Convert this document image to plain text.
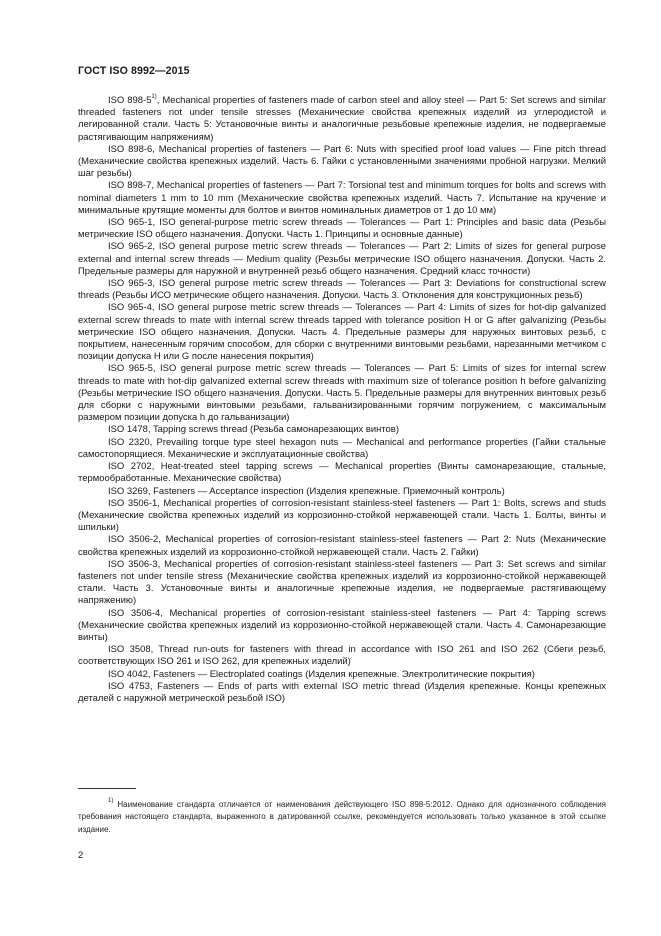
ГОСТ ISO 8992—2015

ISO 898-5$^{1)}$, Mechanical properties of fasteners made of carbon steel and alloy steel — Part 5: Set screws and similar threaded fasteners not under tensile stresses (Механические свойства крепежных изделий из углеродистой и легированной стали. Часть 5: Установочные винты и аналогичные резьбовые крепежные изделия, не подвергаемые растягивающим напряжениям)

ISO 898-6, Mechanical properties of fasteners — Part 6: Nuts with specified proof load values — Fine pitch thread (Механические свойства крепежных изделий. Часть 6. Гайки с установленными значениями пробной нагрузки. Мелкий шаг резьбы)

ISO 898-7, Mechanical properties of fasteners — Part 7: Torsional test and minimum torques for bolts and screws with nominal diameters 1 mm to 10 mm (Механические свойства крепежных изделий. Часть 7. Испытание на кручение и минимальные крутящие моменты для болтов и винтов номинальных диаметров от 1 до 10 мм)

ISO 965-1, ISO general-purpose metric screw threads — Tolerances — Part 1: Principles and basic data (Резьбы метрические ISO общего назначения. Допуски. Часть 1. Принципы и основные данные)

ISO 965-2, ISO general purpose metric screw threads — Tolerances — Part 2: Limits of sizes for general purpose external and internal screw threads — Medium quality (Резьбы метрические ISO общего назначения. Допуски. Часть 2. Предельные размеры для наружной и внутренней резьб общего назначения. Средний класс точности)

ISO 965-3, ISO general purpose metric screw threads — Tolerances — Part 3: Deviations for constructional screw threads (Резьбы ИСО метрические общего назначения. Допуски. Часть 3. Отклонения для конструкционных резьб)

ISO 965-4, ISO general purpose metric screw threads — Tolerances — Part 4: Limits of sizes for hot-dip galvanized external screw threads to mate with internal screw threads tapped with tolerance position H or G after galvanizing (Резьбы метрические ISO общего назначения. Допуски. Часть 4. Предельные размеры для наружных винтовых резьб, с покрытием, нанесенным горячим способом, для сборки с внутренними винтовыми резьбами, нарезанными метчиком с позиции допуска H или G после нанесения покрытия)

ISO 965-5, ISO general purpose metric screw threads — Tolerances — Part 5: Limits of sizes for internal screw threads to mate with hot-dip galvanized external screw threads with maximum size of tolerance position h before galvanizing (Резьбы метрические ISO общего назначения. Допуски. Часть 5. Предельные размеры для внутренних винтовых резьб для сборки с наружными винтовыми резьбами, гальванизированными горячим погружением, с максимальным размером позиции допуска h до гальванизации)

ISO 1478, Tapping screws thread (Резьба самонарезающих винтов)

ISO 2320, Prevailing torque type steel hexagon nuts — Mechanical and performance properties (Гайки стальные самостопорящиеся. Механические и эксплуатационные свойства)

ISO 2702, Heat-treated steel tapping screws — Mechanical properties (Винты самонарезающие, стальные, термообработанные. Механические свойства)

ISO 3269, Fasteners — Acceptance inspection (Изделия крепежные. Приемочный контроль)

ISO 3506-1, Mechanical properties of corrosion-resistant stainless-steel fasteners — Part 1: Bolts, screws and studs (Механические свойства крепежных изделий из коррозионно-стойкой нержавеющей стали. Часть 1. Болты, винты и шпильки)

ISO 3506-2, Mechanical properties of corrosion-resistant stainless-steel fasteners — Part 2: Nuts (Механические свойства крепежных изделий из коррозионно-стойкой нержавеющей стали. Часть 2. Гайки)

ISO 3506-3, Mechanical properties of corrosion-resistant stainless-steel fasteners — Part 3: Set screws and similar fasteners not under tensile stress (Механические свойства крепежных изделий из коррозионно-стойкой нержавеющей стали. Часть 3. Установочные винты и аналогичные крепежные изделия, не подвергаемые растягивающему напряжению)

ISO 3506-4, Mechanical properties of corrosion-resistant stainless-steel fasteners — Part 4: Tapping screws (Механические свойства крепежных изделий из коррозионно-стойкой нержавеющей стали. Часть 4. Самонарезающие винты)

ISO 3508, Thread run-outs for fasteners with thread in accordance with ISO 261 and ISO 262 (Сбеги резьб, соответствующих ISO 261 и ISO 262, для крепежных изделий)

ISO 4042, Fasteners — Electroplated coatings (Изделия крепежные. Электролитические покрытия)

ISO 4753, Fasteners — Ends of parts with external ISO metric thread (Изделия крепежные. Концы крепежных деталей с наружной метрической резьбой ISO)

$^{1)}$ Наименование стандарта отличается от наименования действующего ISO 898-5:2012. Однако для однозначного соблюдения требования настоящего стандарта, выраженного в датированной ссылке, рекомендуется использовать только указанное в этой ссылке издание.

2
